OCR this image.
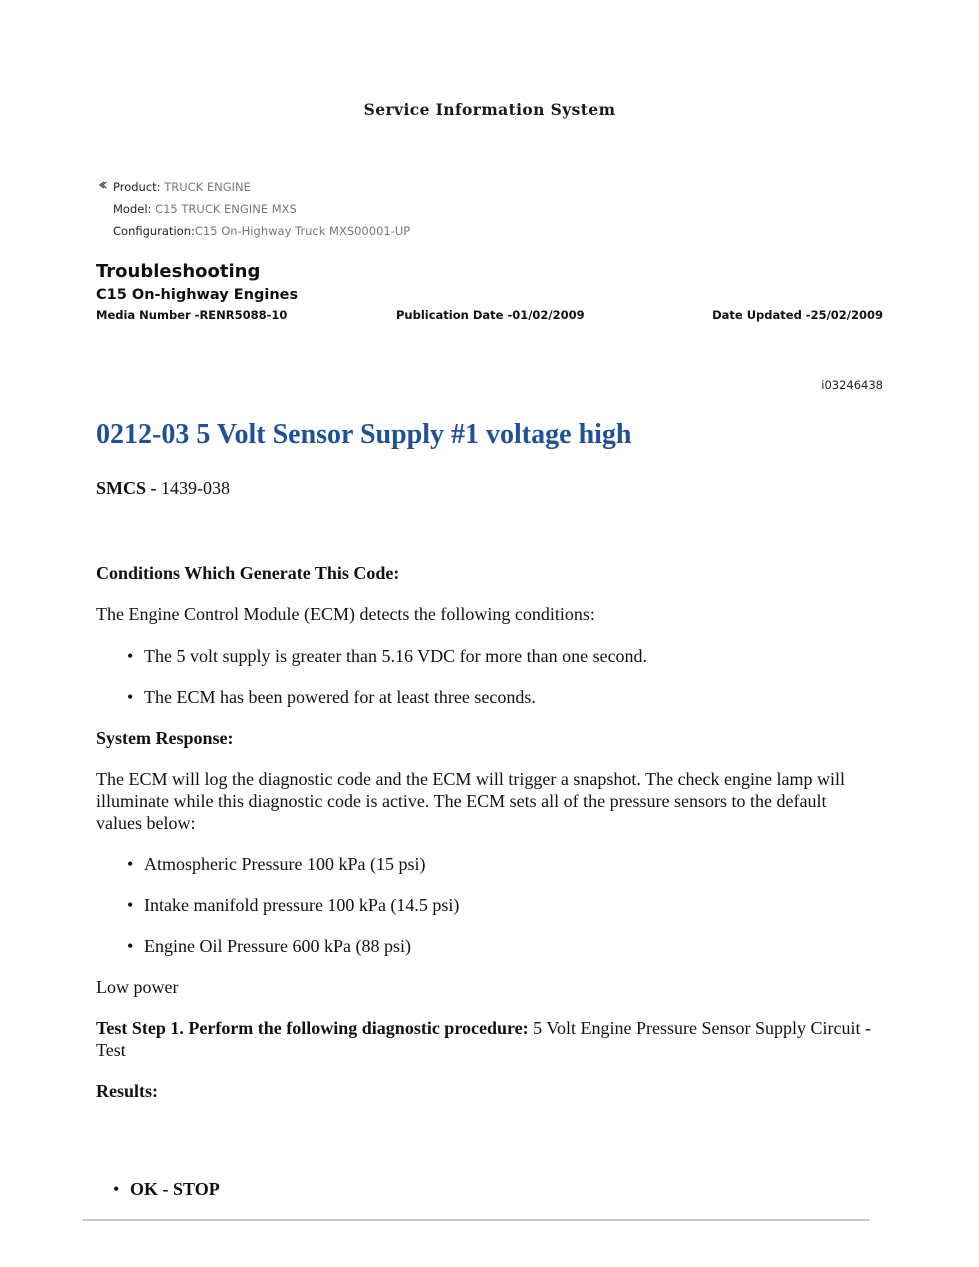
Service Information System
Product: TRUCK ENGINE
Model: C15 TRUCK ENGINE MXS
Configuration:C15 On-Highway Truck MXS00001-UP
Troubleshooting
C15 On-highway Engines
Media Number -RENR5088-10	Publication Date -01/02/2009	Date Updated -25/02/2009
i03246438
0212-03 5 Volt Sensor Supply #1 voltage high

SMCS - 1439-038

Conditions Which Generate This Code:

The Engine Control Module (ECM) detects the following conditions:

• The 5 volt supply is greater than 5.16 VDC for more than one second.
• The ECM has been powered for at least three seconds.

System Response:

The ECM will log the diagnostic code and the ECM will trigger a snapshot. The check engine lamp will illuminate while this diagnostic code is active. The ECM sets all of the pressure sensors to the default values below:

• Atmospheric Pressure 100 kPa (15 psi)
• Intake manifold pressure 100 kPa (14.5 psi)
• Engine Oil Pressure 600 kPa (88 psi)

Low power

Test Step 1. Perform the following diagnostic procedure: 5 Volt Engine Pressure Sensor Supply Circuit - Test

Results:

• OK - STOP
